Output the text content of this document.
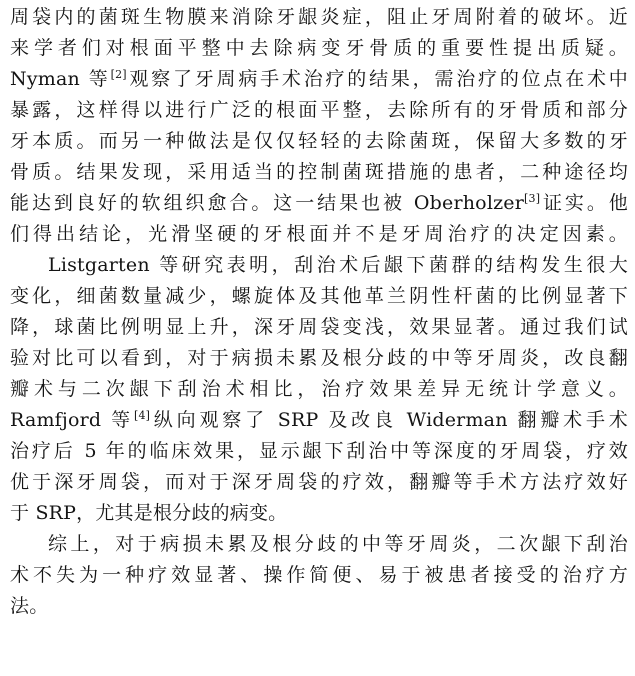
周袋内的菌斑生物膜来消除牙龈炎症，阻止牙周附着的破坏。近
来学者们对根面平整中去除病变牙骨质的重要性提出质疑。
Nyman 等[2]观察了牙周病手术治疗的结果，需治疗的位点在术中
暴露，这样得以进行广泛的根面平整，去除所有的牙骨质和部分
牙本质。而另一种做法是仅仅轻轻的去除菌斑，保留大多数的牙
骨质。结果发现，采用适当的控制菌斑措施的患者，二种途径均
能达到良好的软组织愈合。这一结果也被 Oberholzer[3]证实。他
们得出结论，光滑坚硬的牙根面并不是牙周治疗的决定因素。
Listgarten 等研究表明，刮治术后龈下菌群的结构发生很大
变化，细菌数量减少，螺旋体及其他革兰阴性杆菌的比例显著下
降，球菌比例明显上升，深牙周袋变浅，效果显著。通过我们试
验对比可以看到，对于病损未累及根分歧的中等牙周炎，改良翻
瓣术与二次龈下刮治术相比，治疗效果差异无统计学意义。
Ramfjord 等[4]纵向观察了 SRP 及改良 Widerman 翻瓣术手术
治疗后 5 年的临床效果，显示龈下刮治中等深度的牙周袋，疗效
优于深牙周袋，而对于深牙周袋的疗效，翻瓣等手术方法疗效好
于 SRP，尤其是根分歧的病变。
综上，对于病损未累及根分歧的中等牙周炎，二次龈下刮治
术不失为一种疗效显著、操作简便、易于被患者接受的治疗方
法。
